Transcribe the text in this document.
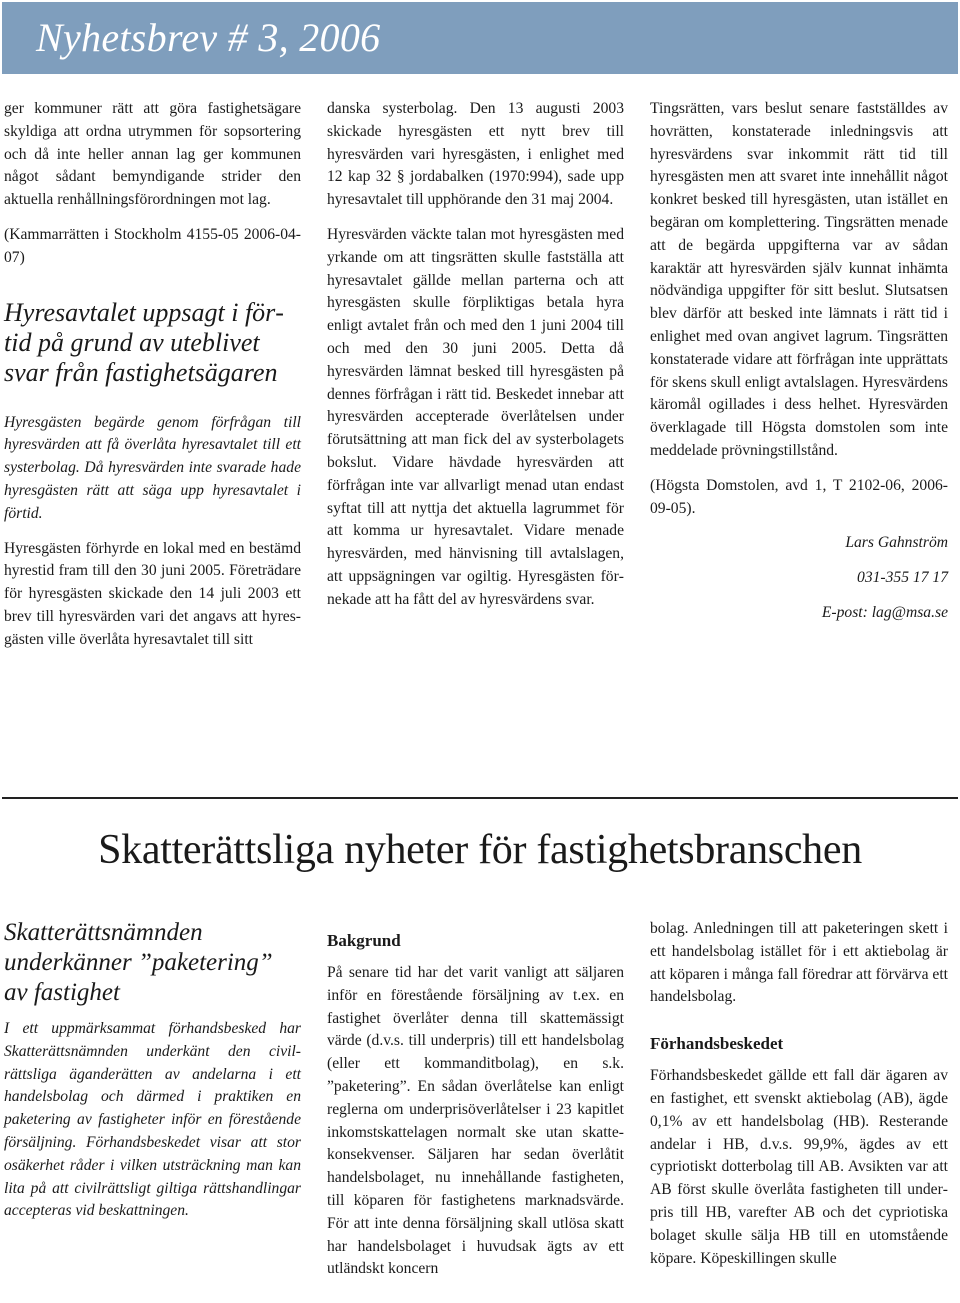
Nyhetsbrev # 3, 2006

ger kommuner rätt att göra fastighetsägare skyldiga att ordna utrymmen för sopsortering och då inte heller annan lag ger kommunen något sådant bemyndigande strider den aktuella renhållningsförordningen mot lag.

(Kammarrätten i Stockholm 4155-05 2006-04-07)

Hyresavtalet uppsagt i förtid på grund av uteblivet svar från fastighetsägaren

Hyresgästen begärde genom förfrågan till hyresvärden att få överlåta hyresavtalet till ett systerbolag. Då hyresvärden inte svarade hade hyresgästen rätt att säga upp hyresavtalet i förtid.

Hyresgästen förhyrde en lokal med en bestämd hyrestid fram till den 30 juni 2005. Företrädare för hyresgästen skickade den 14 juli 2003 ett brev till hyresvärden vari det angavs att hyresgästen ville överlåta hyresavtalet till sitt

danska systerbolag. Den 13 augusti 2003 skickade hyresgästen ett nytt brev till hyresvärden vari hyresgästen, i enlighet med 12 kap 32 § jordabalken (1970:994), sade upp hyresavtalet till upphörande den 31 maj 2004.

Hyresvärden väckte talan mot hyresgästen med yrkande om att tingsrätten skulle fastställa att hyresavtalet gällde mellan parterna och att hyresgästen skulle förpliktigas betala hyra enligt avtalet från och med den 1 juni 2004 till och med den 30 juni 2005. Detta då hyresvärden lämnat besked till hyresgästen på dennes förfrågan i rätt tid. Beskedet innebar att hyresvärden accepterade överlåtelsen under förutsättning att man fick del av systerbolagets bokslut. Vidare hävdade hyresvärden att förfrågan inte var allvarligt menad utan endast syftat till att nyttja det aktuella lagrummet för att komma ur hyresavtalet. Vidare menade hyresvärden, med hänvisning till avtalslagen, att uppsägningen var ogiltig. Hyresgästen förnekade att ha fått del av hyresvärdens svar.

Tingsrätten, vars beslut senare fastställdes av hovrätten, konstaterade inledningsvis att hyresvärdens svar inkommit rätt tid till hyresgästen men att svaret inte innehållit något konkret besked till hyresgästen, utan istället en begäran om komplettering. Tingsrätten menade att de begärda uppgifterna var av sådan karaktär att hyresvärden själv kunnat inhämta nödvändiga uppgifter för sitt beslut. Slutsatsen blev därför att besked inte lämnats i rätt tid i enlighet med ovan angivet lagrum. Tingsrätten konstaterade vidare att förfrågan inte upprättats för skens skull enligt avtalslagen. Hyresvärdens käromål ogillades i dess helhet. Hyresvärden överklagade till Högsta domstolen som inte meddelade prövningstillstånd.

(Högsta Domstolen, avd 1, T 2102-06, 2006-09-05).

Lars Gahnström

031-355 17 17

E-post: lag@msa.se

Skatterättsliga nyheter för fastighetsbranschen
Skatterättsnämnden underkänner ”paketering” av fastighet

I ett uppmärksammat förhandsbesked har Skatterättsnämnden underkänt den civilrättsliga äganderätten av andelarna i ett handelsbolag och därmed i praktiken en paketering av fastigheter inför en förestående försäljning. Förhandsbeskedet visar att stor osäkerhet råder i vilken utsträckning man kan lita på att civilrättsligt giltiga rättshandlingar accepteras vid beskattningen.

Bakgrund

På senare tid har det varit vanligt att säljaren inför en förestående försäljning av t.ex. en fastighet överlåter denna till skattemässigt värde (d.v.s. till underpris) till ett handelsbolag (eller ett kommanditbolag), en s.k. ”paketering”. En sådan överlåtelse kan enligt reglerna om underprisöverlåtelser i 23 kapitlet inkomstskattelagen normalt ske utan skattekonsekvenser. Säljaren har sedan överlåtit handelsbolaget, nu innehållande fastigheten, till köparen för fastighetens marknadsvärde. För att inte denna försäljning skall utlösa skatt har handelsbolaget i huvudsak ägts av ett utländskt koncern

bolag. Anledningen till att paketeringen skett i ett handelsbolag istället för i ett aktiebolag är att köparen i många fall föredrar att förvärva ett handelsbolag.

Förhandsbeskedet

Förhandsbeskedet gällde ett fall där ägaren av en fastighet, ett svenskt aktiebolag (AB), ägde 0,1% av ett handelsbolag (HB). Resterande andelar i HB, d.v.s. 99,9%, ägdes av ett cypriotiskt dotterbolag till AB. Avsikten var att AB först skulle överlåta fastigheten till underpris till HB, varefter AB och det cypriotiska bolaget skulle sälja HB till en utomstående köpare. Köpeskillingen skulle
